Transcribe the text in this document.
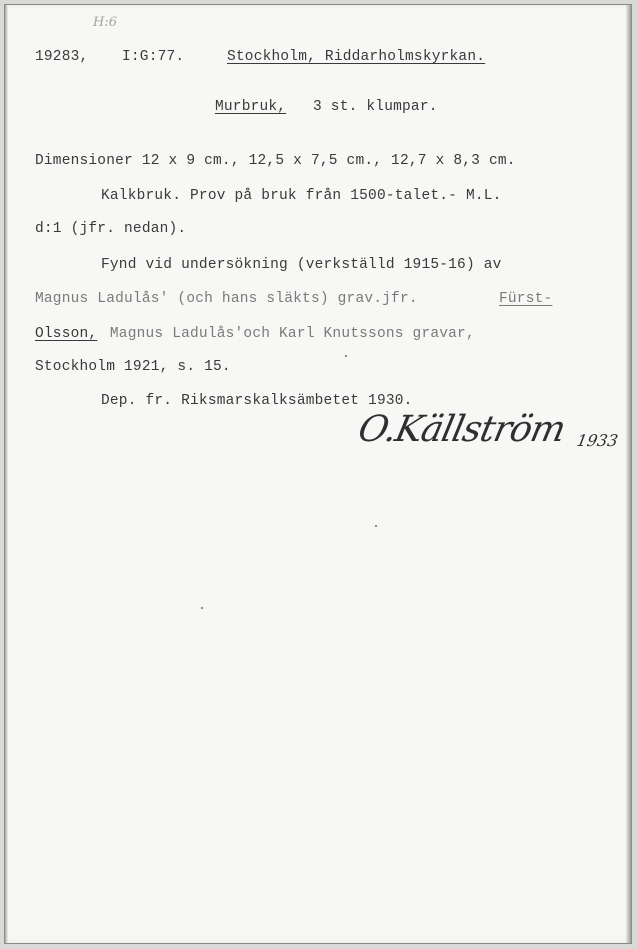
H:6
19283, I:G:77.	Stockholm, Riddarholmskyrkan.
Murbruk, 3 st. klumpar.
Dimensioner 12 x 9 cm., 12,5 x 7,5 cm., 12,7 x 8,3 cm.
Kalkbruk. Prov på bruk från 1500-talet.- M.L.
d:1 (jfr. nedan).
Fynd vid undersökning (verkställd 1915-16) av
Magnus Ladulås' (och hans släkts) grav.jfr.	Fürst-
Olsson, Magnus Ladulås'och Karl Knutssons gravar,
Stockholm 1921, s. 15.
Dep. fr. Riksmarskalksämbetet 1930.
O.Källström 1933
